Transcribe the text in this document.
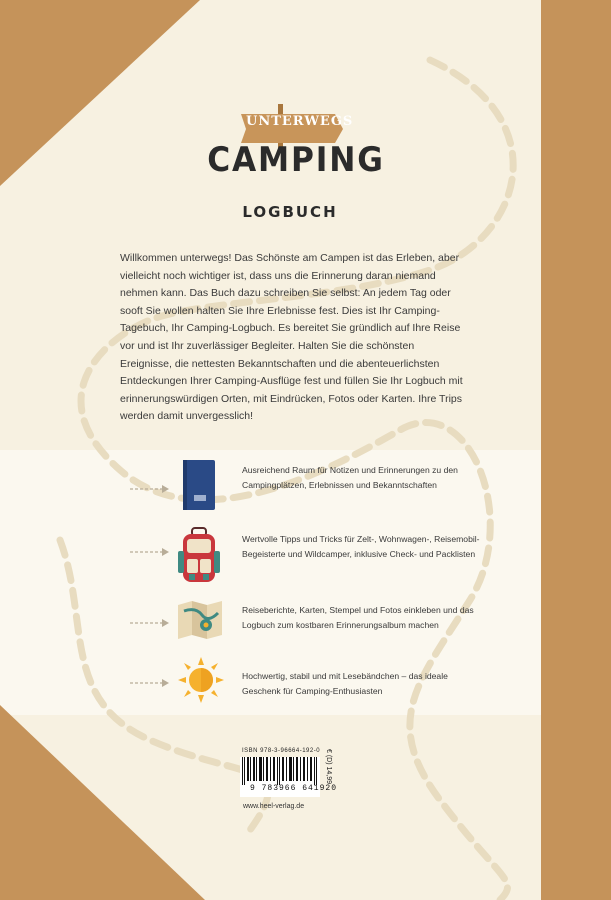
UNTERWEGS
CAMPING
LOGBUCH

Willkommen unterwegs! Das Schönste am Campen ist das Erleben, aber vielleicht noch wichtiger ist, dass uns die Erinnerung daran niemand nehmen kann. Das Buch dazu schreiben Sie selbst: An jedem Tag oder sooft Sie wollen halten Sie Ihre Erlebnisse fest. Dies ist Ihr Camping-Tagebuch, Ihr Camping-Logbuch. Es bereitet Sie gründlich auf Ihre Reise vor und ist Ihr zuverlässiger Begleiter. Halten Sie die schönsten Ereignisse, die nettesten Bekanntschaften und die abenteuerlichsten Entdeckungen Ihrer Camping-Ausflüge fest und füllen Sie Ihr Logbuch mit erinnerungswürdigen Orten, mit Eindrücken, Fotos oder Karten. Ihre Trips werden damit unvergesslich!

Ausreichend Raum für Notizen und Erinnerungen zu den Campingplätzen, Erlebnissen und Bekanntschaften

Wertvolle Tipps und Tricks für Zelt-, Wohnwagen-, Reisemobil-Begeisterte und Wildcamper, inklusive Check- und Packlisten

Reiseberichte, Karten, Stempel und Fotos einkleben und das Logbuch zum kostbaren Erinnerungsalbum machen

Hochwertig, stabil und mit Lesebändchen – das ideale Geschenk für Camping-Enthusiasten

ISBN 978-3-96664-192-0
9 783966 641920
€ (D) 14,99
www.heel-verlag.de
